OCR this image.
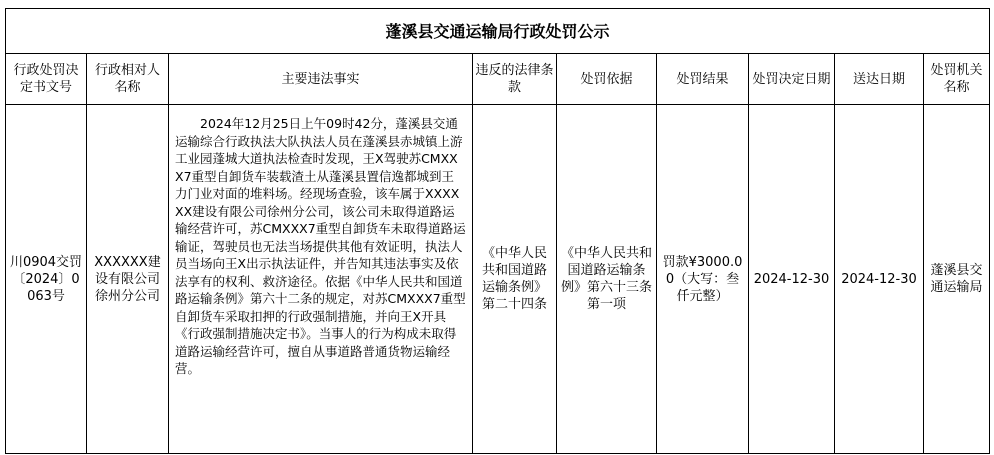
蓬溪县交通运输局行政处罚公示								
行政处罚决定书文号	行政相对人名称	主要违法事实	违反的法律条款	处罚依据	处罚结果	处罚决定日期	送达日期	处罚机关名称
川0904交罚〔2024〕0063号	XXXXXX建设有限公司徐州分公司	2024年12月25日上午09时42分，蓬溪县交通运输综合行政执法大队执法人员在蓬溪县赤城镇上游工业园蓬城大道执法检查时发现，王X驾驶苏CMXXX7重型自卸货车装载渣土从蓬溪县置信逸都城到王力门业对面的堆料场。经现场查验，该车属于XXXXXX建设有限公司徐州分公司，该公司未取得道路运输经营许可，苏CMXXX7重型自卸货车未取得道路运输证，驾驶员也无法当场提供其他有效证明，执法人员当场向王X出示执法证件，并告知其违法事实及依法享有的权利、救济途径。依据《中华人民共和国道路运输条例》第六十二条的规定，对苏CMXXX7重型自卸货车采取扣押的行政强制措施，并向王X开具《行政强制措施决定书》。当事人的行为构成未取得道路运输经营许可，擅自从事道路普通货物运输经营。	《中华人民共和国道路运输条例》第二十四条	《中华人民共和国道路运输条例》第六十三条第一项	罚款¥3000.00（大写：叁仟元整）	2024-12-30	2024-12-30	蓬溪县交通运输局
